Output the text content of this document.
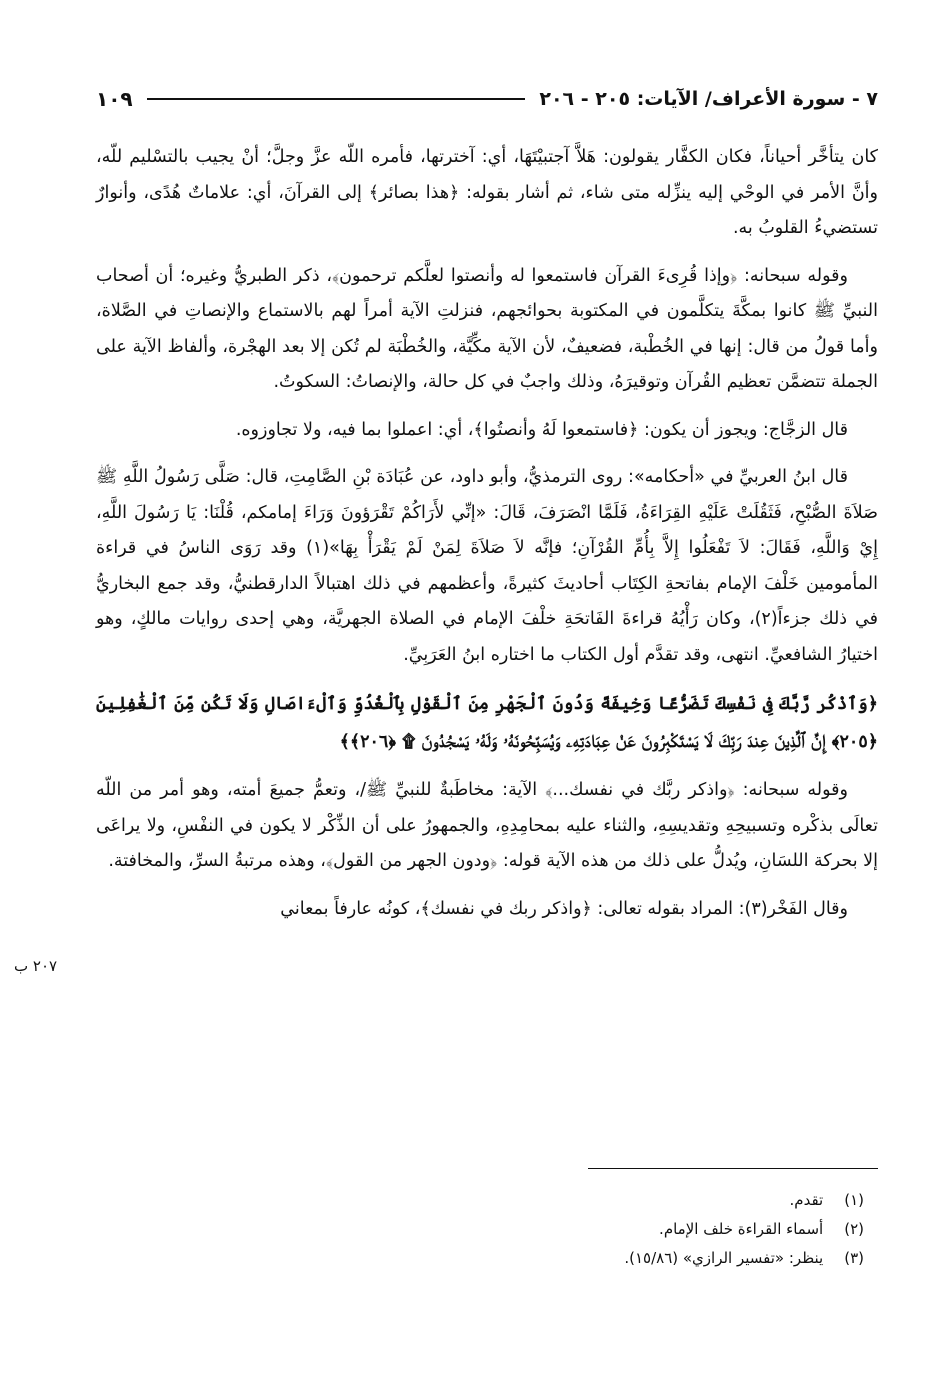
٧ - سورة الأعراف/ الآيات: ٢٠٥ - ٢٠٦
١٠٩

كان يتأخَّر أحياناً، فكان الكفَّار يقولون: هَلاَّ آجتبيْتَهَا، أي: آخترتها، فأمره اللّه عزَّ وجلَّ؛ أنْ يجيب بالتسْليم للّه، وأنَّ الأمر في الوحْي إليه ينزِّله متى شاء، ثم أشار بقوله: ﴿هذا بصائر﴾ إلى القرآنَ، أي: علاماتٌ هُدًى، وأنوارٌ تستضيءُ القلوبُ به.

وقوله سبحانه: ﴿وإذا قُرِىءَ القرآن فاستمعوا له وأنصتوا لعلَّكم ترحمون﴾، ذكر الطبريُّ وغيره؛ أن أصحاب النبيِّ ﷺ كانوا بمكَّةَ يتكلَّمون في المكتوبة بحوائجهم، فنزلتِ الآية أمراً لهم بالاستماع والإنصاتِ في الصَّلاة، وأما قولُ من قال: إنها في الخُطْبة، فضعيفٌ، لأن الآية مكِّيَّة، والخُطْبَة لم تُكن إلا بعد الهجْرة، وألفاظ الآية على الجملة تتضمَّن تعظيم القُرآن وتوقيرَهُ، وذلك واجبٌ في كل حالة، والإنصاتُ: السكوتُ.

قال الزجَّاج: ويجوز أن يكون: ﴿فاستمعوا لَهُ وأنصتُوا﴾، أي: اعملوا بما فيه، ولا تجاوزوه.

قال ابنُ العربيِّ في «أحكامه»: روى الترمذيُّ، وأبو داود، عن عُبَادَة بْنِ الصَّامِتِ، قال: صَلَّى رَسُولُ اللَّهِ ﷺ صَلاَةَ الصُّبْحِ، فَثَقُلَتْ عَلَيْهِ القِرَاءَةُ، فَلَمَّا انْصَرَفَ، قَالَ: «إنِّي لأَرَاكُمْ تَقْرَؤونَ وَرَاءَ إمامكم، قُلْنَا: يَا رَسُولَ اللَّهِ، إِيْ وَاللَّهِ، فَقَالَ: لاَ تَفْعَلُوا إِلاَّ بِأُمِّ القُرْآنِ؛ فإنَّه لاَ صَلاَةَ لِمَنْ لَمْ يَقْرَأْ بِهَا»(١) وقد رَوَى الناسُ في قراءة المأمومين خَلْفَ الإمام بفاتحةِ الكِتَاب أحاديثَ كثيرةً، وأعظمهم في ذلك اهتبالاً الدارقطنيُّ، وقد جمع البخاريُّ في ذلك جزءاً(٢)، وكان رَأْيُهُ قراءةَ الفَاتحَةِ خلْفَ الإمام في الصلاة الجهريَّة، وهي إحدى روايات مالكٍ، وهو اختيارُ الشافعيِّ. انتهى، وقد تقدَّم أول الكتاب ما اختاره ابنُ العَرَبِيِّ.

﴿وَٱذْكُر رَّبَّكَ فِى نَفْسِكَ تَضَرُّعًا وَخِيفَةً وَدُونَ ٱلْجَهْرِ مِنَ ٱلْقَوْلِ بِٱلْغُدُوِّ وَٱلْءَاصَالِ وَلَا تَكُن مِّنَ ٱلْغَٰفِلِينَ ﴿٢٠٥﴾ إِنَّ ٱلَّذِينَ عِندَ رَبِّكَ لَا يَسْتَكْبِرُونَ عَنْ عِبَادَتِهِۦ وَيُسَبِّحُونَهُۥ وَلَهُۥ يَسْجُدُونَ ۩ ﴿٢٠٦﴾﴾

وقوله سبحانه: ﴿واذكر ربَّك في نفسك...﴾ الآية: مخاطَبةٌ للنبيِّ ﷺ/، وتعمُّ جميعَ أمته، وهو أمر من اللّه تعالَى بذكْره وتسبيحِهِ وتقديسِهِ، والثناء عليه بمحامِدِهِ، والجمهورُ على أن الذِّكْر لا يكون في النفْسِ، ولا يراعَى إلا بحركة اللسَانِ، ويُدلُّ على ذلك من هذه الآية قوله: ﴿ودون الجهر من القول﴾، وهذه مرتبةُ السرِّ، والمخافتة.

وقال الفَخْر(٣): المراد بقوله تعالى: ﴿واذكر ربك في نفسك﴾، كونُه عارفاً بمعاني

٢٠٧ ب

(١) تقدم.

(٢) أسماء القراءة خلف الإمام.

(٣) ينظر: «تفسير الرازي» (١٥/٨٦).
